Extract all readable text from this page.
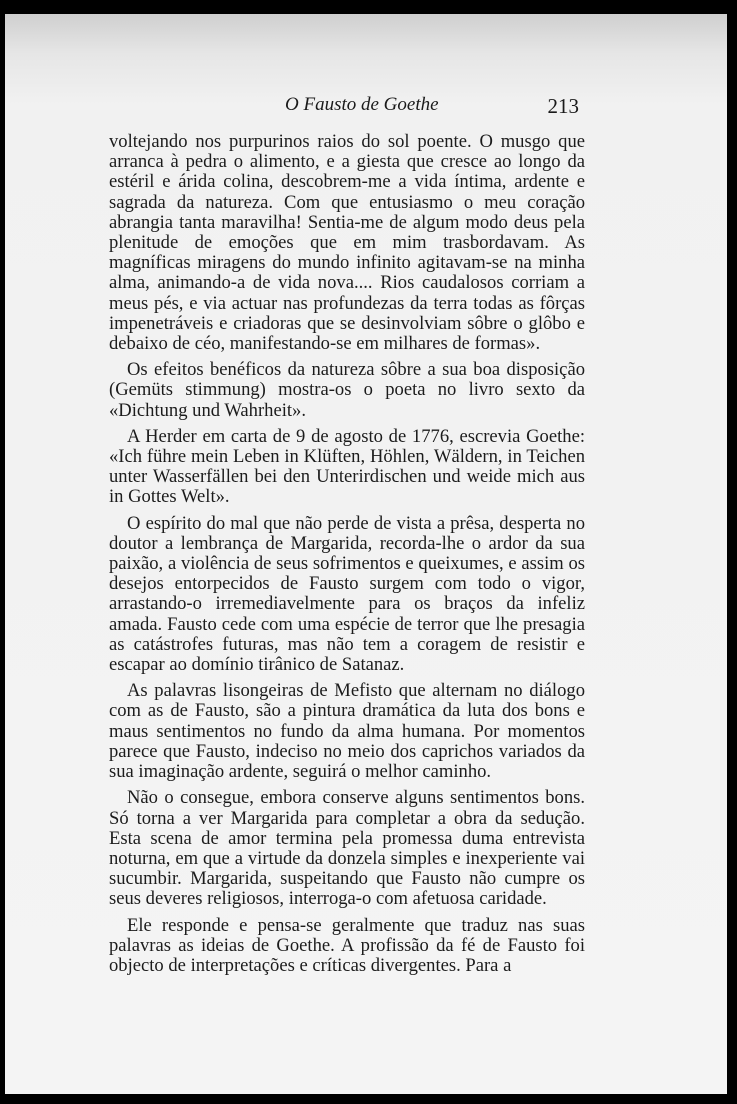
O Fausto de Goethe	213

voltejando nos purpurinos raios do sol poente. O musgo que arranca à pedra o alimento, e a giesta que cresce ao longo da estéril e árida colina, descobrem-me a vida íntima, ardente e sagrada da natureza. Com que entusiasmo o meu coração abrangia tanta maravilha! Sentia-me de algum modo deus pela plenitude de emoções que em mim trasbordavam. As magníficas miragens do mundo infinito agitavam-se na minha alma, animando-a de vida nova.... Rios caudalosos corriam a meus pés, e via actuar nas profundezas da terra todas as fôrças impenetráveis e criadoras que se desinvolviam sôbre o glôbo e debaixo de céo, manifestando-se em milhares de formas».

Os efeitos benéficos da natureza sôbre a sua boa disposição (Gemüts stimmung) mostra-os o poeta no livro sexto da «Dichtung und Wahrheit».

A Herder em carta de 9 de agosto de 1776, escrevia Goethe: «Ich führe mein Leben in Klüften, Höhlen, Wäldern, in Teichen unter Wasserfällen bei den Unterirdischen und weide mich aus in Gottes Welt».

O espírito do mal que não perde de vista a prêsa, desperta no doutor a lembrança de Margarida, recorda-lhe o ardor da sua paixão, a violência de seus sofrimentos e queixumes, e assim os desejos entorpecidos de Fausto surgem com todo o vigor, arrastando-o irremediavelmente para os braços da infeliz amada. Fausto cede com uma espécie de terror que lhe presagia as catástrofes futuras, mas não tem a coragem de resistir e escapar ao domínio tirânico de Satanaz.

As palavras lisongeiras de Mefisto que alternam no diálogo com as de Fausto, são a pintura dramática da luta dos bons e maus sentimentos no fundo da alma humana. Por momentos parece que Fausto, indeciso no meio dos caprichos variados da sua imaginação ardente, seguirá o melhor caminho.

Não o consegue, embora conserve alguns sentimentos bons. Só torna a ver Margarida para completar a obra da sedução. Esta scena de amor termina pela promessa duma entrevista noturna, em que a virtude da donzela simples e inexperiente vai sucumbir. Margarida, suspeitando que Fausto não cumpre os seus deveres religiosos, interroga-o com afetuosa caridade.

Ele responde e pensa-se geralmente que traduz nas suas palavras as ideias de Goethe. A profissão da fé de Fausto foi objecto de interpretações e críticas divergentes. Para a
